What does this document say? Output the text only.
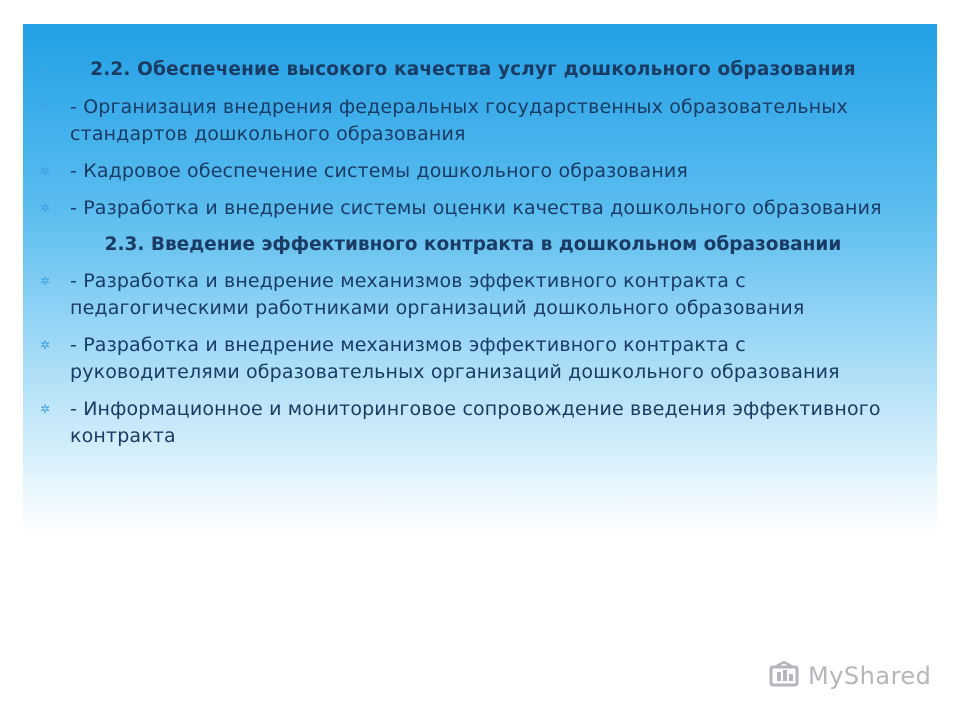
✲	2.2. Обеспечение высокого качества услуг дошкольного образования
✲	- Организация внедрения федеральных государственных образовательных стандартов дошкольного образования
✲	- Кадровое обеспечение системы дошкольного образования
✲	- Разработка и внедрение системы оценки качества дошкольного образования
2.3. Введение эффективного контракта в дошкольном образовании
✲	- Разработка и внедрение механизмов эффективного контракта с педагогическими работниками организаций дошкольного образования
✲	- Разработка и внедрение механизмов эффективного контракта с руководителями образовательных организаций дошкольного образования
✲	- Информационное и мониторинговое сопровождение введения эффективного контракта
MyShared
